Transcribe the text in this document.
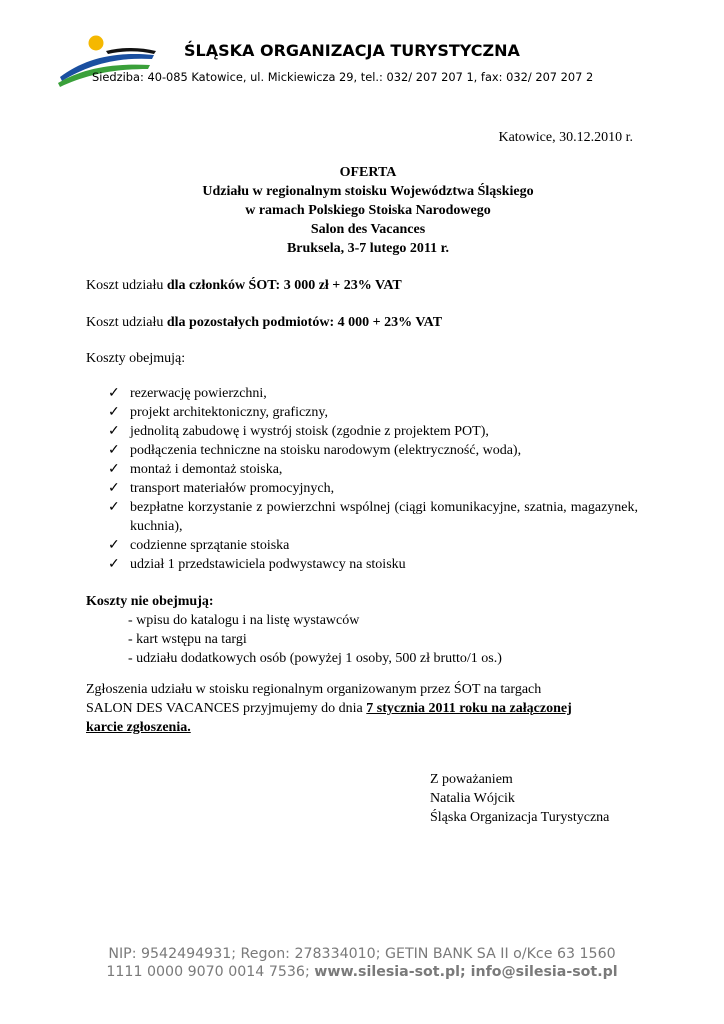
ŚLĄSKA ORGANIZACJA TURYSTYCZNA
Siedziba: 40-085 Katowice, ul. Mickiewicza 29, tel.: 032/ 207 207 1, fax: 032/ 207 207 2
Katowice, 30.12.2010 r.
OFERTA
Udziału w regionalnym stoisku Województwa Śląskiego
w ramach Polskiego Stoiska Narodowego
Salon des Vacances
Bruksela, 3-7 lutego 2011 r.
Koszt udziału dla członków ŚOT: 3 000 zł + 23% VAT
Koszt udziału dla pozostałych podmiotów: 4 000 + 23% VAT
Koszty obejmują:
✓ rezerwację powierzchni,
✓ projekt architektoniczny, graficzny,
✓ jednolitą zabudowę i wystrój stoisk (zgodnie z projektem POT),
✓ podłączenia techniczne na stoisku narodowym (elektryczność, woda),
✓ montaż i demontaż stoiska,
✓ transport materiałów promocyjnych,
✓ bezpłatne korzystanie z powierzchni wspólnej (ciągi komunikacyjne, szatnia, magazynek, kuchnia),
✓ codzienne sprzątanie stoiska
✓ udział 1 przedstawiciela podwystawcy na stoisku
Koszty nie obejmują:
- wpisu do katalogu i na listę wystawców
- kart wstępu na targi
- udziału dodatkowych osób (powyżej 1 osoby, 500 zł brutto/1 os.)
Zgłoszenia udziału w stoisku regionalnym organizowanym przez ŚOT na targach
SALON DES VACANCES przyjmujemy do dnia 7 stycznia 2011 roku na załączonej
karcie zgłoszenia.
Z poważaniem
Natalia Wójcik
Śląska Organizacja Turystyczna
NIP: 9542494931; Regon: 278334010; GETIN BANK SA II o/Kce 63 1560
1111 0000 9070 0014 7536; www.silesia-sot.pl; info@silesia-sot.pl
